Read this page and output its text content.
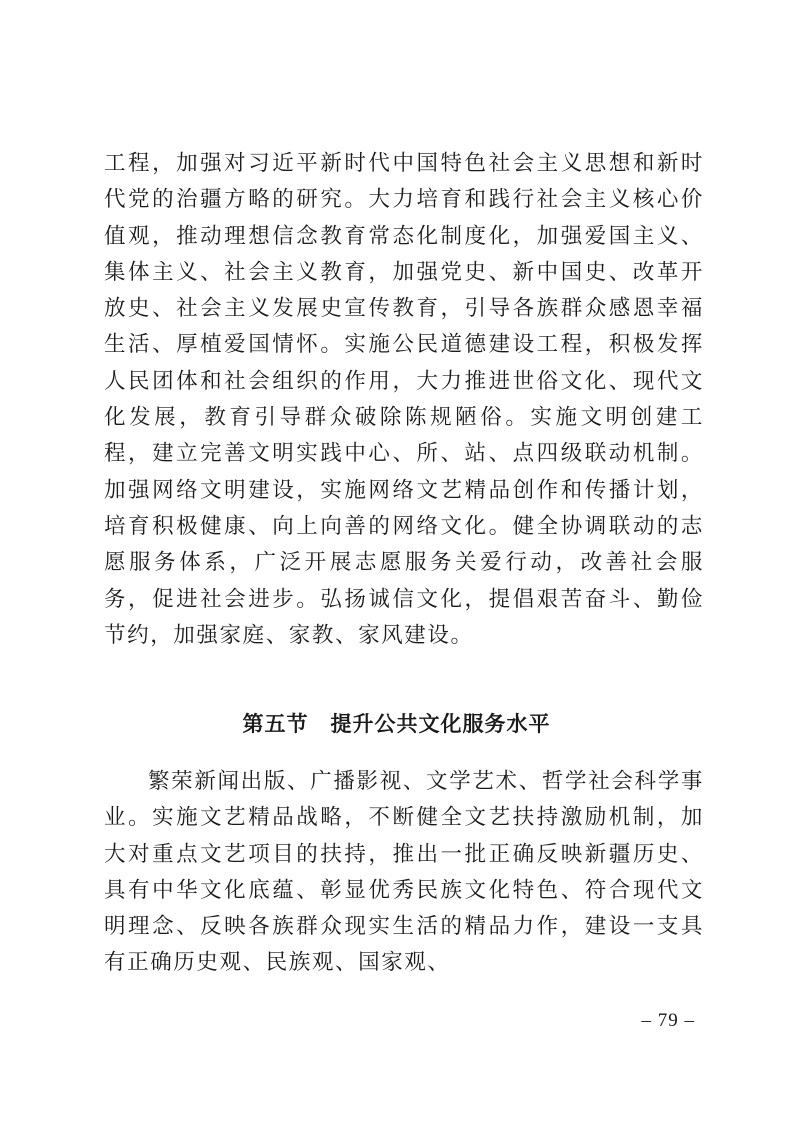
工程，加强对习近平新时代中国特色社会主义思想和新时代党的治疆方略的研究。大力培育和践行社会主义核心价值观，推动理想信念教育常态化制度化，加强爱国主义、集体主义、社会主义教育，加强党史、新中国史、改革开放史、社会主义发展史宣传教育，引导各族群众感恩幸福生活、厚植爱国情怀。实施公民道德建设工程，积极发挥人民团体和社会组织的作用，大力推进世俗文化、现代文化发展，教育引导群众破除陈规陋俗。实施文明创建工程，建立完善文明实践中心、所、站、点四级联动机制。加强网络文明建设，实施网络文艺精品创作和传播计划，培育积极健康、向上向善的网络文化。健全协调联动的志愿服务体系，广泛开展志愿服务关爱行动，改善社会服务，促进社会进步。弘扬诚信文化，提倡艰苦奋斗、勤俭节约，加强家庭、家教、家风建设。

第五节　提升公共文化服务水平

繁荣新闻出版、广播影视、文学艺术、哲学社会科学事业。实施文艺精品战略，不断健全文艺扶持激励机制，加大对重点文艺项目的扶持，推出一批正确反映新疆历史、具有中华文化底蕴、彰显优秀民族文化特色、符合现代文明理念、反映各族群众现实生活的精品力作，建设一支具有正确历史观、民族观、国家观、

– 79 –
